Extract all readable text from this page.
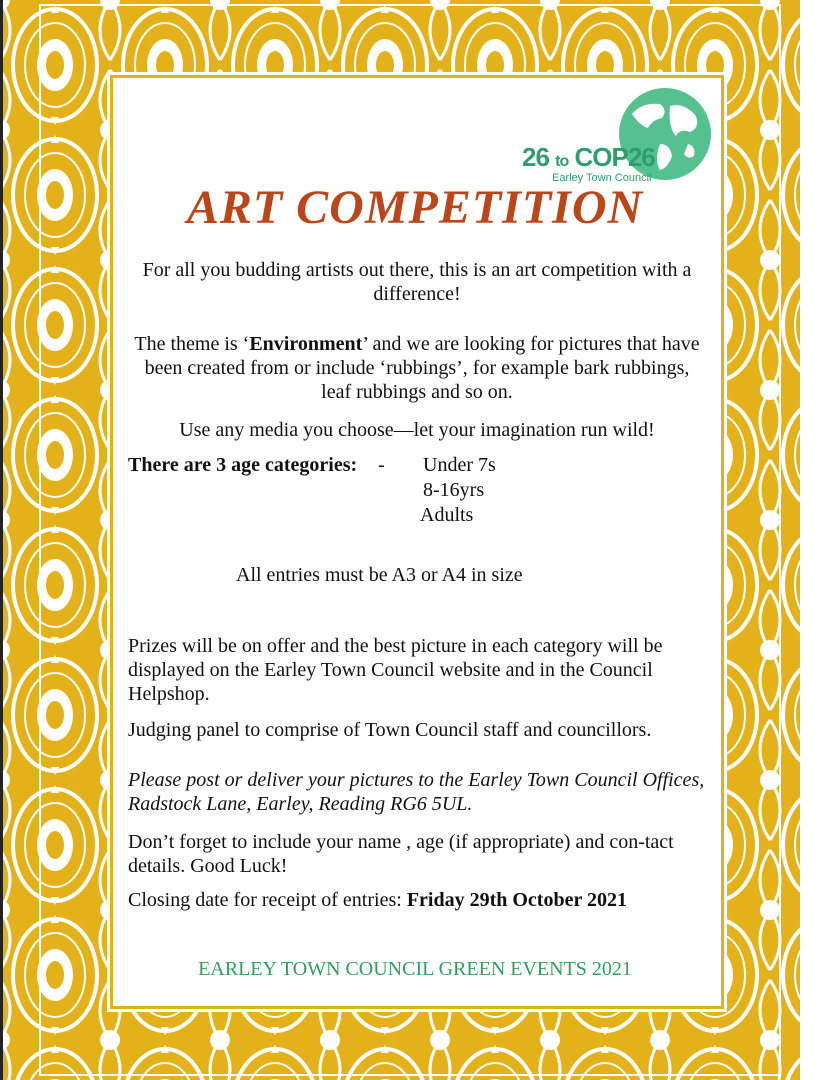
26 to COP26
Earley Town Council
ART COMPETITION
For all you budding artists out there, this is an art competition with a difference!
The theme is ‘Environment’ and we are looking for pictures that have been created from or include ‘rubbings’, for example bark rubbings, leaf rubbings and so on.
Use any media you choose—let your imagination run wild!
There are 3 age categories: - Under 7s
8-16yrs
Adults
All entries must be A3 or A4 in size
Prizes will be on offer and the best picture in each category will be displayed on the Earley Town Council website and in the Council Helpshop.
Judging panel to comprise of Town Council staff and councillors.
Please post or deliver your pictures to the Earley Town Council Offices, Radstock Lane, Earley, Reading RG6 5UL.
Don’t forget to include your name , age (if appropriate) and con-tact details. Good Luck!
Closing date for receipt of entries: Friday 29th October 2021
EARLEY TOWN COUNCIL GREEN EVENTS 2021
